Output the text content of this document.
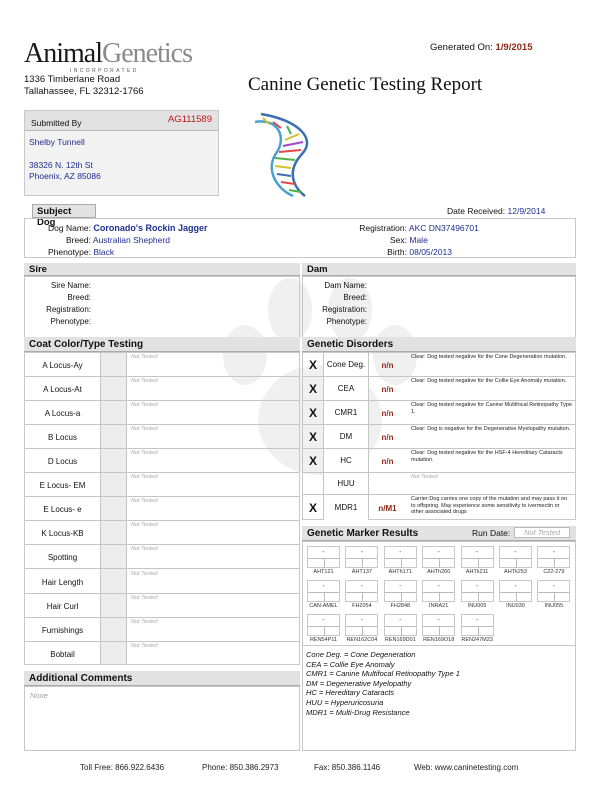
AnimalGenetics
INCORPORATED
1336 Timberlane Road
Tallahassee, FL 32312-1766
Generated On: 1/9/2015
Canine Genetic Testing Report
Submitted By	AG111589
Shelby Tunnell
38326 N. 12th St
Phoenix, AZ 85086
Subject Dog
Date Received: 12/9/2014
Dog Name: Coronado's Rockin Jagger
Breed: Australian Shepherd
Phenotype: Black
Registration: AKC DN37496701
Sex: Male
Birth: 08/05/2013
Sire
Sire Name:
Breed:
Registration:
Phenotype:
Dam
Dam Name:
Breed:
Registration:
Phenotype:
Coat Color/Type Testing
A Locus-Ay
Not Tested
A Locus-At
Not Tested
A Locus-a
Not Tested
B Locus
Not Tested
D Locus
Not Tested
E Locus- EM
Not Tested
E Locus- e
Not Tested
K Locus-KB
Not Tested
Spotting
Not Tested
Hair Length
Not Tested
Hair Curl
Not Tested
Furnishings
Not Tested
Bobtail
Not Tested
Additional Comments
None
Genetic Disorders
X	Cone Deg.	n/n
Clear: Dog tested negative for the Cone Degeneration mutation.
X	CEA	n/n
Clear: Dog tested negative for the Collie Eye Anomaly mutation.
X	CMR1	n/n
Clear: Dog tested negative for Canine Multifocal Retinopathy Type 1.
X	DM	n/n
Clear: Dog is negative for the Degenerative Myelopathy mutation.
X	HC	n/n
Clear: Dog tested negative for the HSF-4 Hereditary Cataracts mutation.
HUU
Not Tested
X	MDR1	n/M1
Carrier:Dog carries one copy of the mutation and may pass it on to offspring. May experience some sensitivity to ivermectin or other associated drugs
Genetic Marker Results	Run Date:	Not Tested
-
AHT121
-
AHT137
-
AHTh171
-
AHTh260
-
AHTk211
-
AHTk253
-
C22-279
-
CAN-AMEL
-
FH2054
-
FH2848
-
INRA21
-
INU005
-
INU030
-
INU055
-
REN54P11
-
REN162C04
-
REN169D01
-
REN169O18
-
REN247M23
Cone Deg. = Cone Degeneration
CEA = Collie Eye Anomaly
CMR1 = Canine Multifocal Retinopathy Type 1
DM = Degenerative Myelopathy
HC = Hereditary Cataracts
HUU = Hyperuricosuria
MDR1 = Multi-Drug Resistance
Toll Free: 866.922.6436	Phone: 850.386.2973	Fax: 850.386.1146	Web: www.caninetesting.com
